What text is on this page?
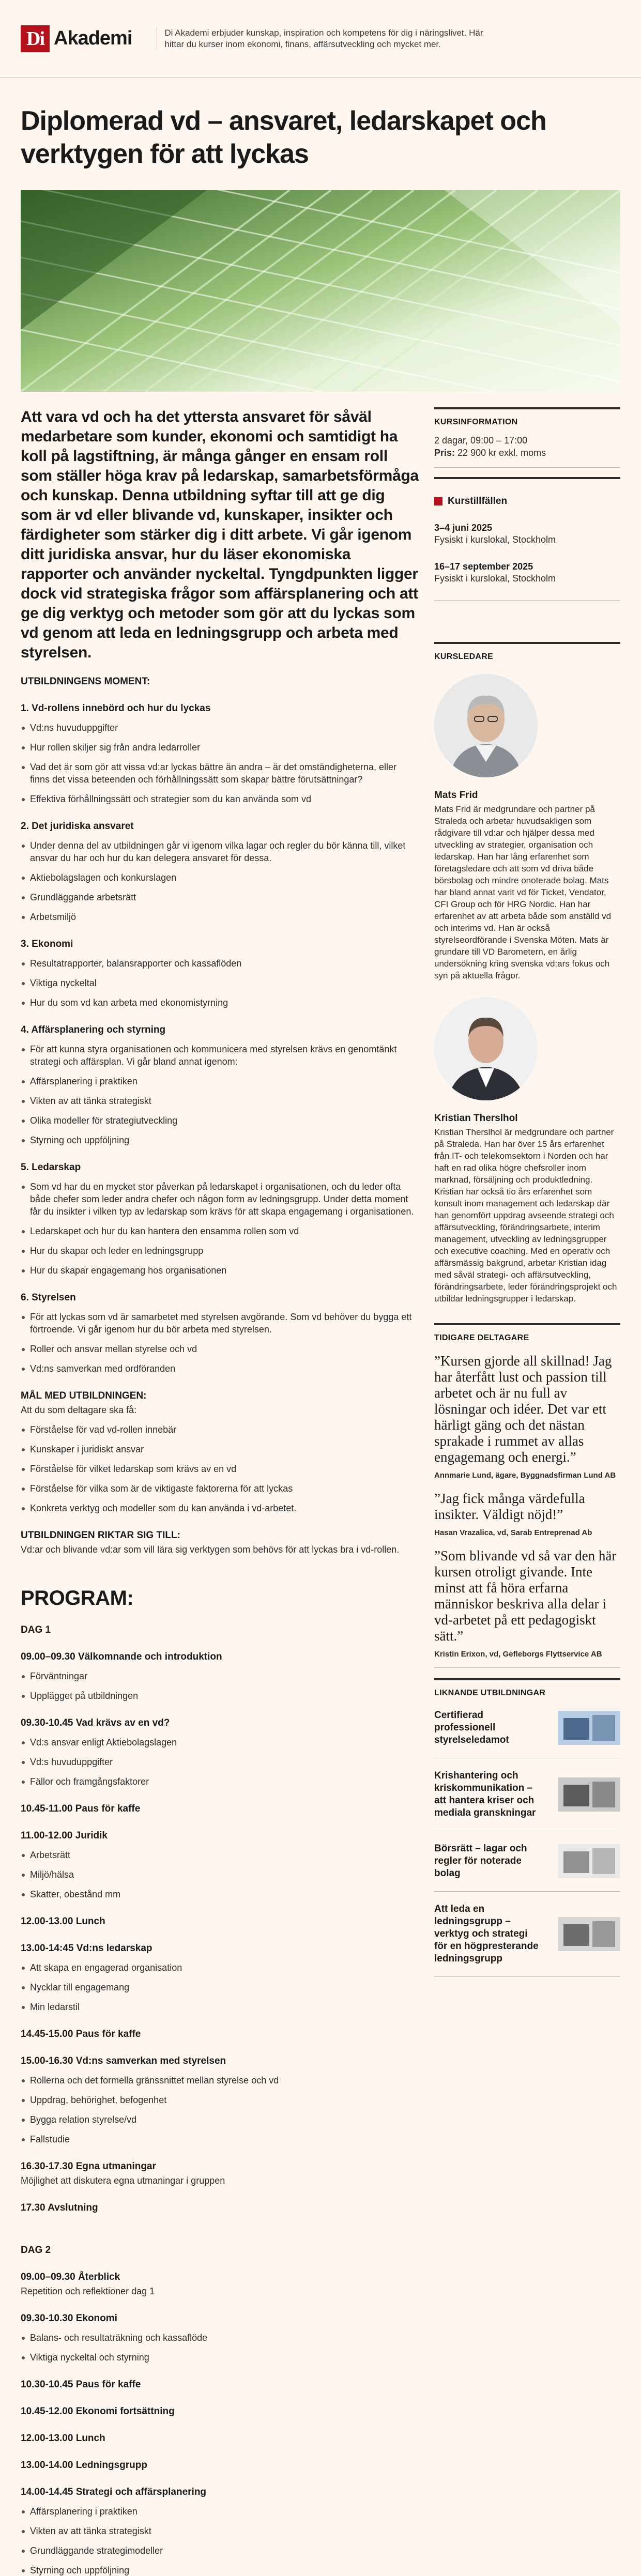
Di Akademi	Di Akademi erbjuder kunskap, inspiration och kompetens för dig i näringslivet. Här hittar du kurser inom ekonomi, finans, affärsutveckling och mycket mer.
Diplomerad vd – ansvaret, ledarskapet och verktygen för att lyckas

Att vara vd och ha det yttersta ansvaret för såväl medarbetare som kunder, ekonomi och samtidigt ha koll på lagstiftning, är många gånger en ensam roll som ställer höga krav på ledarskap, samarbetsförmåga och kunskap. Denna utbildning syftar till att ge dig som är vd eller blivande vd, kunskaper, insikter och färdigheter som stärker dig i ditt arbete. Vi går igenom ditt juridiska ansvar, hur du läser ekonomiska rapporter och använder nyckeltal. Tyngdpunkten ligger dock vid strategiska frågor som affärsplanering och att ge dig verktyg och metoder som gör att du lyckas som vd genom att leda en ledningsgrupp och arbeta med styrelsen.

UTBILDNINGENS MOMENT:
1. Vd-rollens innebörd och hur du lyckas
Vd:ns huvuduppgifter
Hur rollen skiljer sig från andra ledarroller
Vad det är som gör att vissa vd:ar lyckas bättre än andra – är det omständigheterna, eller finns det vissa beteenden och förhållningssätt som skapar bättre förutsättningar?
Effektiva förhållningssätt och strategier som du kan använda som vd
2. Det juridiska ansvaret
Under denna del av utbildningen går vi igenom vilka lagar och regler du bör känna till, vilket ansvar du har och hur du kan delegera ansvaret för dessa.
Aktiebolagslagen och konkurslagen
Grundläggande arbetsrätt
Arbetsmiljö
3. Ekonomi
Resultatrapporter, balansrapporter och kassaflöden
Viktiga nyckeltal
Hur du som vd kan arbeta med ekonomistyrning
4. Affärsplanering och styrning
För att kunna styra organisationen och kommunicera med styrelsen krävs en genomtänkt strategi och affärsplan. Vi går bland annat igenom:
Affärsplanering i praktiken
Vikten av att tänka strategiskt
Olika modeller för strategiutveckling
Styrning och uppföljning
5. Ledarskap
Som vd har du en mycket stor påverkan på ledarskapet i organisationen, och du leder ofta både chefer som leder andra chefer och någon form av ledningsgrupp. Under detta moment får du insikter i vilken typ av ledarskap som krävs för att skapa engagemang i organisationen.
Ledarskapet och hur du kan hantera den ensamma rollen som vd
Hur du skapar och leder en ledningsgrupp
Hur du skapar engagemang hos organisationen
6. Styrelsen
För att lyckas som vd är samarbetet med styrelsen avgörande. Som vd behöver du bygga ett förtroende. Vi går igenom hur du bör arbeta med styrelsen.
Roller och ansvar mellan styrelse och vd
Vd:ns samverkan med ordföranden
MÅL MED UTBILDNINGEN:
Att du som deltagare ska få:
Förståelse för vad vd-rollen innebär
Kunskaper i juridiskt ansvar
Förståelse för vilket ledarskap som krävs av en vd
Förståelse för vilka som är de viktigaste faktorerna för att lyckas
Konkreta verktyg och modeller som du kan använda i vd-arbetet.
UTBILDNINGEN RIKTAR SIG TILL:
Vd:ar och blivande vd:ar som vill lära sig verktygen som behövs för att lyckas bra i vd-rollen.
PROGRAM:
DAG 1
09.00–09.30 Välkomnande och introduktion
Förväntningar
Upplägget på utbildningen
09.30-10.45 Vad krävs av en vd?
Vd:s ansvar enligt Aktiebolagslagen
Vd:s huvuduppgifter
Fällor och framgångsfaktorer
10.45-11.00 Paus för kaffe
11.00-12.00 Juridik
Arbetsrätt
Miljö/hälsa
Skatter, obestånd mm
12.00-13.00 Lunch
13.00-14:45 Vd:ns ledarskap
Att skapa en engagerad organisation
Nycklar till engagemang
Min ledarstil
14.45-15.00 Paus för kaffe
15.00-16.30 Vd:ns samverkan med styrelsen
Rollerna och det formella gränssnittet mellan styrelse och vd
Uppdrag, behörighet, befogenhet
Bygga relation styrelse/vd
Fallstudie
16.30-17.30 Egna utmaningar
Möjlighet att diskutera egna utmaningar i gruppen
17.30 Avslutning
DAG 2
09.00–09.30 Återblick
Repetition och reflektioner dag 1
09.30-10.30 Ekonomi
Balans- och resultaträkning och kassaflöde
Viktiga nyckeltal och styrning
10.30-10.45 Paus för kaffe
10.45-12.00 Ekonomi fortsättning
12.00-13.00 Lunch
13.00-14.00 Ledningsgrupp
14.00-14.45 Strategi och affärsplanering
Affärsplanering i praktiken
Vikten av att tänka strategiskt
Grundläggande strategimodeller
Styrning och uppföljning
KURSINFORMATION

2 dagar, 09:00 – 17:00

Pris: 22 900 kr exkl. moms

Kurstillfällen
3–4 juni 2025

Fysiskt i kurslokal, Stockholm

16–17 september 2025

Fysiskt i kurslokal, Stockholm

KURSLEDARE
Mats Frid
Mats Frid är medgrundare och partner på Straleda och arbetar huvudsakligen som rådgivare till vd:ar och hjälper dessa med utveckling av strategier, organisation och ledarskap. Han har lång erfarenhet som företagsledare och att som vd driva både börsbolag och mindre onoterade bolag. Mats har bland annat varit vd för Ticket, Vendator, CFI Group och för HRG Nordic. Han har erfarenhet av att arbeta både som anställd vd och interims vd. Han är också styrelseordförande i Svenska Möten. Mats är grundare till VD Barometern, en årlig undersökning kring svenska vd:ars fokus och syn på aktuella frågor.
Kristian Therslhol
Kristian Therslhol är medgrundare och partner på Straleda. Han har över 15 års erfarenhet från IT- och telekomsektorn i Norden och har haft en rad olika högre chefsroller inom marknad, försäljning och produktledning. Kristian har också tio års erfarenhet som konsult inom management och ledarskap där han genomfört uppdrag avseende strategi och affärsutveckling, förändringsarbete, interim management, utveckling av ledningsgrupper och executive coaching. Med en operativ och affärsmässig bakgrund, arbetar Kristian idag med såväl strategi- och affärsutveckling, förändringsarbete, leder förändringsprojekt och utbildar ledningsgrupper i ledarskap.
TIDIGARE DELTAGARE
”Kursen gjorde all skillnad! Jag har återfått lust och passion till arbetet och är nu full av lösningar och idéer. Det var ett härligt gäng och det nästan sprakade i rummet av allas engagemang och energi.”
Annmarie Lund, ägare, Byggnadsfirman Lund AB
”Jag fick många värdefulla insikter. Väldigt nöjd!”
Hasan Vrazalica, vd, Sarab Entreprenad Ab
”Som blivande vd så var den här kursen otroligt givande. Inte minst att få höra erfarna människor beskriva alla delar i vd-arbetet på ett pedagogiskt sätt.”
Kristin Erixon, vd, Gefleborgs Flyttservice AB
LIKNANDE UTBILDNINGAR
Certifierad professionell styrelseledamot
Krishantering och kriskommunikation – att hantera kriser och mediala granskningar
Börsrätt – lagar och regler för noterade bolag
Att leda en ledningsgrupp – verktyg och strategi för en högpresterande ledningsgrupp
